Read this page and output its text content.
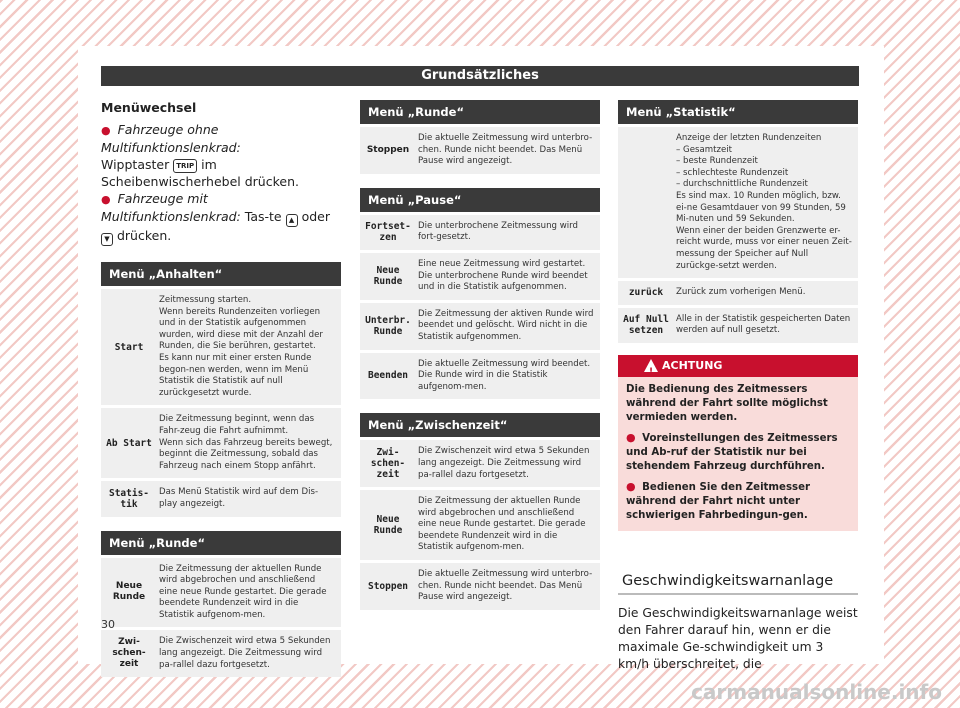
Grundsätzliches
Menüwechsel

● Fahrzeuge ohne Multifunktionslenkrad:
Wipptaster TRIP im Scheibenwischerhebel drücken.

● Fahrzeuge mit Multifunktionslenkrad: Tas-te ▲ oder ▼ drücken.

Menü „Anhalten“
Start
Zeitmessung starten.
Wenn bereits Rundenzeiten vorliegen und in der Statistik aufgenommen wurden, wird diese mit der Anzahl der Runden, die Sie berühren, gestartet.
Es kann nur mit einer ersten Runde begon-nen werden, wenn im Menü Statistik die Statistik auf null zurückgesetzt wurde.
Ab Start
Die Zeitmessung beginnt, wenn das Fahr-zeug die Fahrt aufnimmt.
Wenn sich das Fahrzeug bereits bewegt, beginnt die Zeitmessung, sobald das Fahrzeug nach einem Stopp anfährt.
Statis-tik
Das Menü Statistik wird auf dem Dis-play angezeigt.
Menü „Runde“
Neue Runde
Die Zeitmessung der aktuellen Runde wird abgebrochen und anschließend eine neue Runde gestartet. Die gerade beendete Rundenzeit wird in die Statistik aufgenom-men.
Zwi-schen-zeit
Die Zwischenzeit wird etwa 5 Sekunden lang angezeigt. Die Zeitmessung wird pa-rallel dazu fortgesetzt.
Menü „Runde“
Stoppen
Die aktuelle Zeitmessung wird unterbro-chen. Runde nicht beendet. Das Menü Pause wird angezeigt.
Menü „Pause“
Fortset-zen
Die unterbrochene Zeitmessung wird fort-gesetzt.
Neue Runde
Eine neue Zeitmessung wird gestartet. Die unterbrochene Runde wird beendet und in die Statistik aufgenommen.
Unterbr. Runde
Die Zeitmessung der aktiven Runde wird beendet und gelöscht. Wird nicht in die Statistik aufgenommen.
Beenden
Die aktuelle Zeitmessung wird beendet. Die Runde wird in die Statistik aufgenom-men.
Menü „Zwischenzeit“
Zwi-schen-zeit
Die Zwischenzeit wird etwa 5 Sekunden lang angezeigt. Die Zeitmessung wird pa-rallel dazu fortgesetzt.
Neue Runde
Die Zeitmessung der aktuellen Runde wird abgebrochen und anschließend eine neue Runde gestartet. Die gerade beendete Rundenzeit wird in die Statistik aufgenom-men.
Stoppen
Die aktuelle Zeitmessung wird unterbro-chen. Runde nicht beendet. Das Menü Pause wird angezeigt.
Menü „Statistik“
Anzeige der letzten Rundenzeiten
– Gesamtzeit
– beste Rundenzeit
– schlechteste Rundenzeit
– durchschnittliche Rundenzeit
Es sind max. 10 Runden möglich, bzw. ei-ne Gesamtdauer von 99 Stunden, 59 Mi-nuten und 59 Sekunden.
Wenn einer der beiden Grenzwerte er-reicht wurde, muss vor einer neuen Zeit-messung der Speicher auf Null zurückge-setzt werden.
zurück	Zurück zum vorherigen Menü.
Auf Null setzen
Alle in der Statistik gespeicherten Daten werden auf null gesetzt.
!
ACHTUNG

Die Bedienung des Zeitmessers während der Fahrt sollte möglichst vermieden werden.

● Voreinstellungen des Zeitmessers und Ab-ruf der Statistik nur bei stehendem Fahrzeug durchführen.

● Bedienen Sie den Zeitmesser während der Fahrt nicht unter schwierigen Fahrbedingun-gen.

Geschwindigkeitswarnanlage
Die Geschwindigkeitswarnanlage weist den Fahrer darauf hin, wenn er die maximale Ge-schwindigkeit um 3 km/h überschreitet, die
30
carmanualsonline.info
